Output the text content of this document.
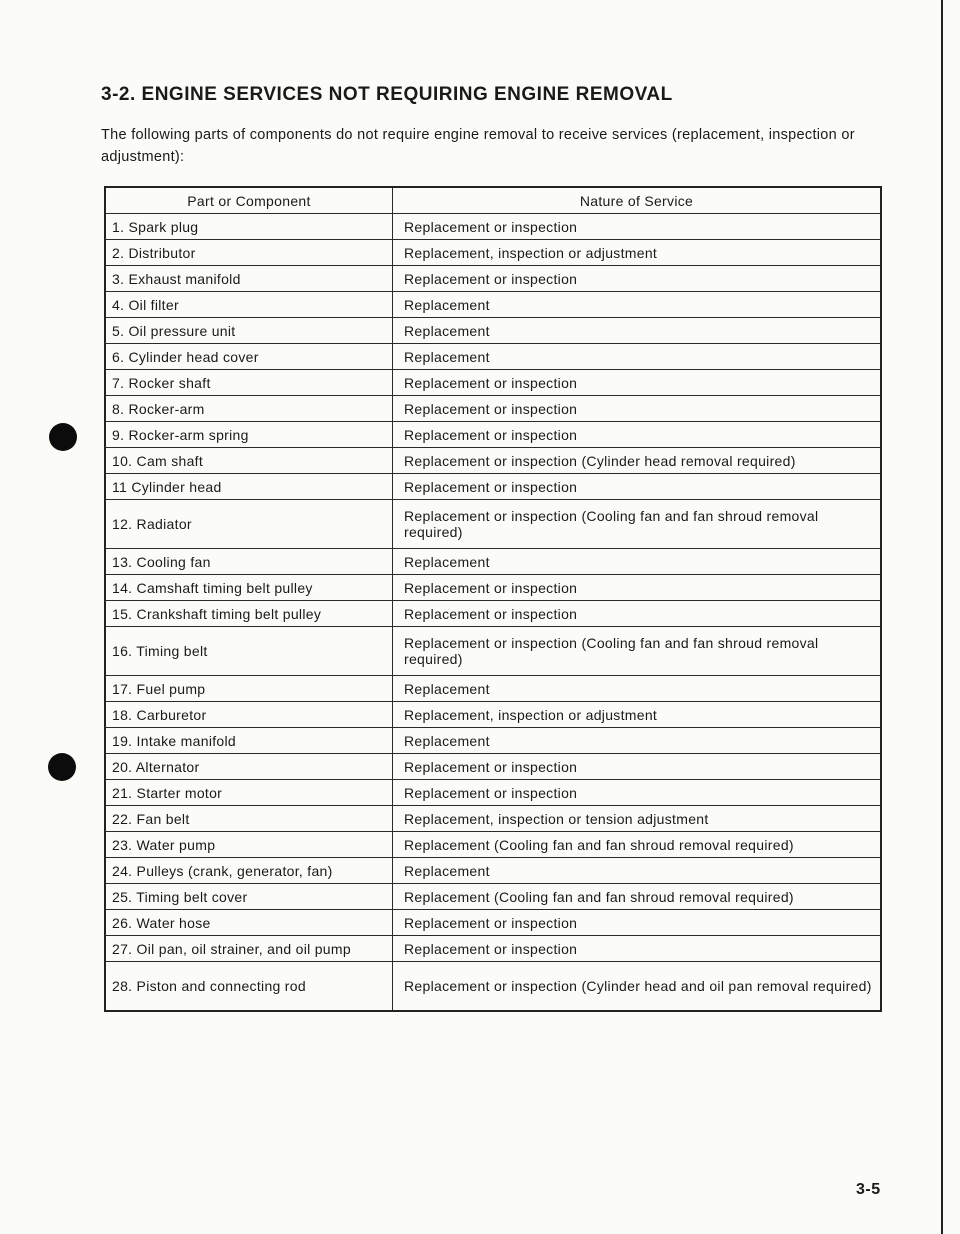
3-2. ENGINE SERVICES NOT REQUIRING ENGINE REMOVAL

The following parts of components do not require engine removal to receive services (replacement, inspection or adjustment):

Part or Component	Nature of Service
1. Spark plug	Replacement or inspection
2. Distributor	Replacement, inspection or adjustment
3. Exhaust manifold	Replacement or inspection
4. Oil filter	Replacement
5. Oil pressure unit	Replacement
6. Cylinder head cover	Replacement
7. Rocker shaft	Replacement or inspection
8. Rocker-arm	Replacement or inspection
9. Rocker-arm spring	Replacement or inspection
10. Cam shaft	Replacement or inspection (Cylinder head removal required)
11 Cylinder head	Replacement or inspection
12. Radiator	Replacement or inspection (Cooling fan and fan shroud removal required)
13. Cooling fan	Replacement
14. Camshaft timing belt pulley	Replacement or inspection
15. Crankshaft timing belt pulley	Replacement or inspection
16. Timing belt	Replacement or inspection (Cooling fan and fan shroud removal required)
17. Fuel pump	Replacement
18. Carburetor	Replacement, inspection or adjustment
19. Intake manifold	Replacement
20. Alternator	Replacement or inspection
21. Starter motor	Replacement or inspection
22. Fan belt	Replacement, inspection or tension adjustment
23. Water pump	Replacement (Cooling fan and fan shroud removal required)
24. Pulleys (crank, generator, fan)	Replacement
25. Timing belt cover	Replacement (Cooling fan and fan shroud removal required)
26. Water hose	Replacement or inspection
27. Oil pan, oil strainer, and oil pump	Replacement or inspection
28. Piston and connecting rod	Replacement or inspection (Cylinder head and oil pan removal required)
3-5
